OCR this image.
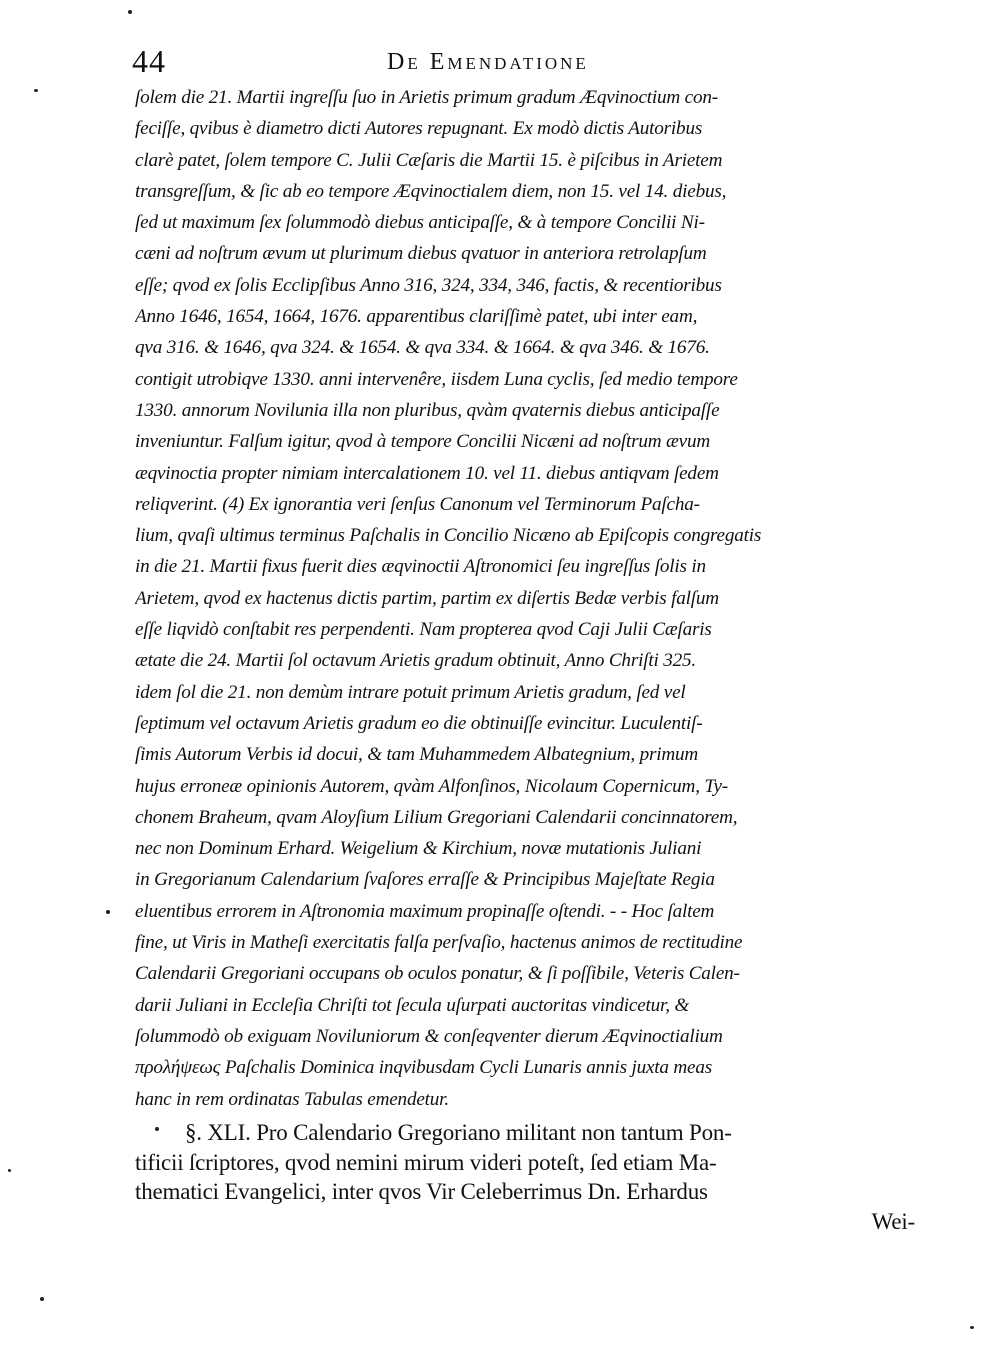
44	De Emendatione
ſolem die 21. Martii ingreſſu ſuo in Arietis primum gradum Æqvinoctium con-
feciſſe, qvibus è diametro dicti Autores repugnant. Ex modò dictis Autoribus
clarè patet, ſolem tempore C. Julii Cæſaris die Martii 15. è piſcibus in Arietem
transgreſſum, & ſic ab eo tempore Æqvinoctialem diem, non 15. vel 14. diebus,
ſed ut maximum ſex ſolummodò diebus anticipaſſe, & à tempore Concilii Ni-
cæni ad noſtrum ævum ut plurimum diebus qvatuor in anteriora retrolapſum
eſſe; qvod ex ſolis Ecclipſibus Anno 316, 324, 334, 346, factis, & recentioribus
Anno 1646, 1654, 1664, 1676. apparentibus clariſſimè patet, ubi inter eam,
qva 316. & 1646, qva 324. & 1654. & qva 334. & 1664. & qva 346. & 1676.
contigit utrobiqve 1330. anni intervenêre, iisdem Luna cyclis, ſed medio tempore
1330. annorum Novilunia illa non pluribus, qvàm qvaternis diebus anticipaſſe
inveniuntur. Falſum igitur, qvod à tempore Concilii Nicæni ad noſtrum ævum
æqvinoctia propter nimiam intercalationem 10. vel 11. diebus antiqvam ſedem
reliqverint. (4) Ex ignorantia veri ſenſus Canonum vel Terminorum Paſcha-
lium, qvaſi ultimus terminus Paſchalis in Concilio Nicæno ab Epiſcopis congregatis
in die 21. Martii fixus fuerit dies æqvinoctii Aſtronomici ſeu ingreſſus ſolis in
Arietem, qvod ex hactenus dictis partim, partim ex diſertis Bedæ verbis falſum
eſſe liqvidò conſtabit res perpendenti. Nam propterea qvod Caji Julii Cæſaris
ætate die 24. Martii ſol octavum Arietis gradum obtinuit, Anno Chriſti 325.
idem ſol die 21. non demùm intrare potuit primum Arietis gradum, ſed vel
ſeptimum vel octavum Arietis gradum eo die obtinuiſſe evincitur. Luculentiſ-
ſimis Autorum Verbis id docui, & tam Muhammedem Albategnium, primum
hujus erroneæ opinionis Autorem, qvàm Alfonſinos, Nicolaum Copernicum, Ty-
chonem Braheum, qvam Aloyſium Lilium Gregoriani Calendarii concinnatorem,
nec non Dominum Erhard. Weigelium & Kirchium, novæ mutationis Juliani
in Gregorianum Calendarium ſvaſores erraſſe & Principibus Majeſtate Regia
eluentibus errorem in Aſtronomia maximum propinaſſe oſtendi. - - Hoc ſaltem
fine, ut Viris in Matheſi exercitatis falſa perſvaſio, hactenus animos de rectitudine
Calendarii Gregoriani occupans ob oculos ponatur, & ſi poſſibile, Veteris Calen-
darii Juliani in Eccleſia Chriſti tot ſecula uſurpati auctoritas vindicetur, &
ſolummodò ob exiguam Noviluniorum & conſeqventer dierum Æqvinoctialium
προλήψεως Paſchalis Dominica inqvibusdam Cycli Lunaris annis juxta meas
hanc in rem ordinatas Tabulas emendetur.
§. XLI. Pro Calendario Gregoriano militant non tantum Pon-
tificii ſcriptores, qvod nemini mirum videri poteſt, ſed etiam Ma-
thematici Evangelici, inter qvos Vir Celeberrimus Dn. Erhardus
Wei-
